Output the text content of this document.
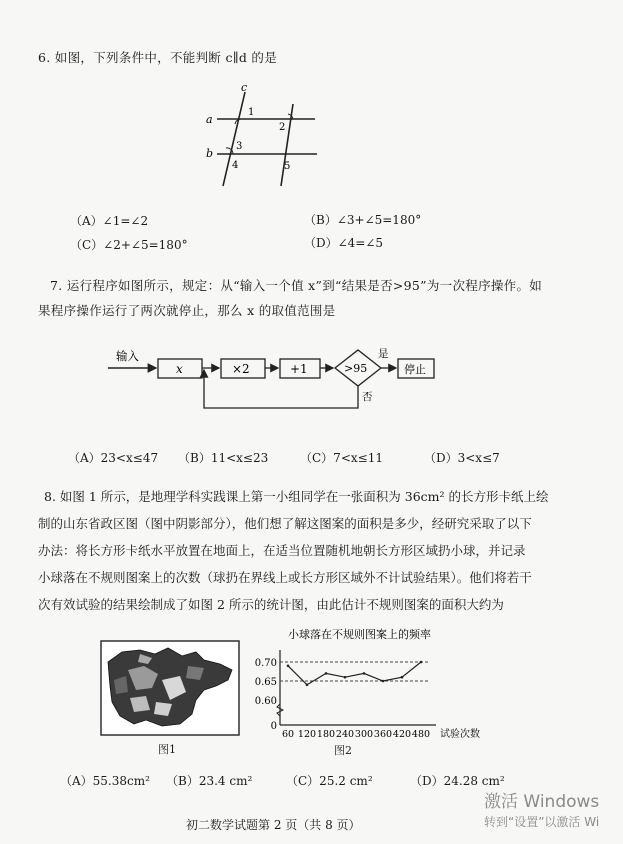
6. 如图，下列条件中，不能判断 c∥d 的是
c
a
b
1
2
3
4	5
（A）∠1=∠2	（B）∠3+∠5=180°
（C）∠2+∠5=180°	（D）∠4=∠5
7. 运行程序如图所示，规定：从“输入一个值 x”到“结果是否>95”为一次程序操作。如
果程序操作运行了两次就停止，那么 x 的取值范围是
输入
x	×2	+1	>95
是
停止
否
（A）23<x≤47 （B）11<x≤23	（C）7<x≤11	（D）3<x≤7
8. 如图 1 所示，是地理学科实践课上第一小组同学在一张面积为 36cm² 的长方形卡纸上绘
制的山东省政区图（图中阴影部分），他们想了解这图案的面积是多少，经研究采取了以下
办法：将长方形卡纸水平放置在地面上，在适当位置随机地朝长方形区域扔小球，并记录
小球落在不规则图案上的次数（球扔在界线上或长方形区域外不计试验结果）。他们将若干
次有效试验的结果绘制成了如图 2 所示的统计图，由此估计不规则图案的面积大约为
图1
小球落在不规则图案上的频率
0
0.60
0.65
0.70
60 120 180 240 300 360 420 480 试验次数
图2
（A）55.38cm² （B）23.4 cm²	（C）25.2 cm²	（D）24.28 cm²
初二数学试题第 2 页（共 8 页）
激活 Windows
转到“设置”以激活 Wi
